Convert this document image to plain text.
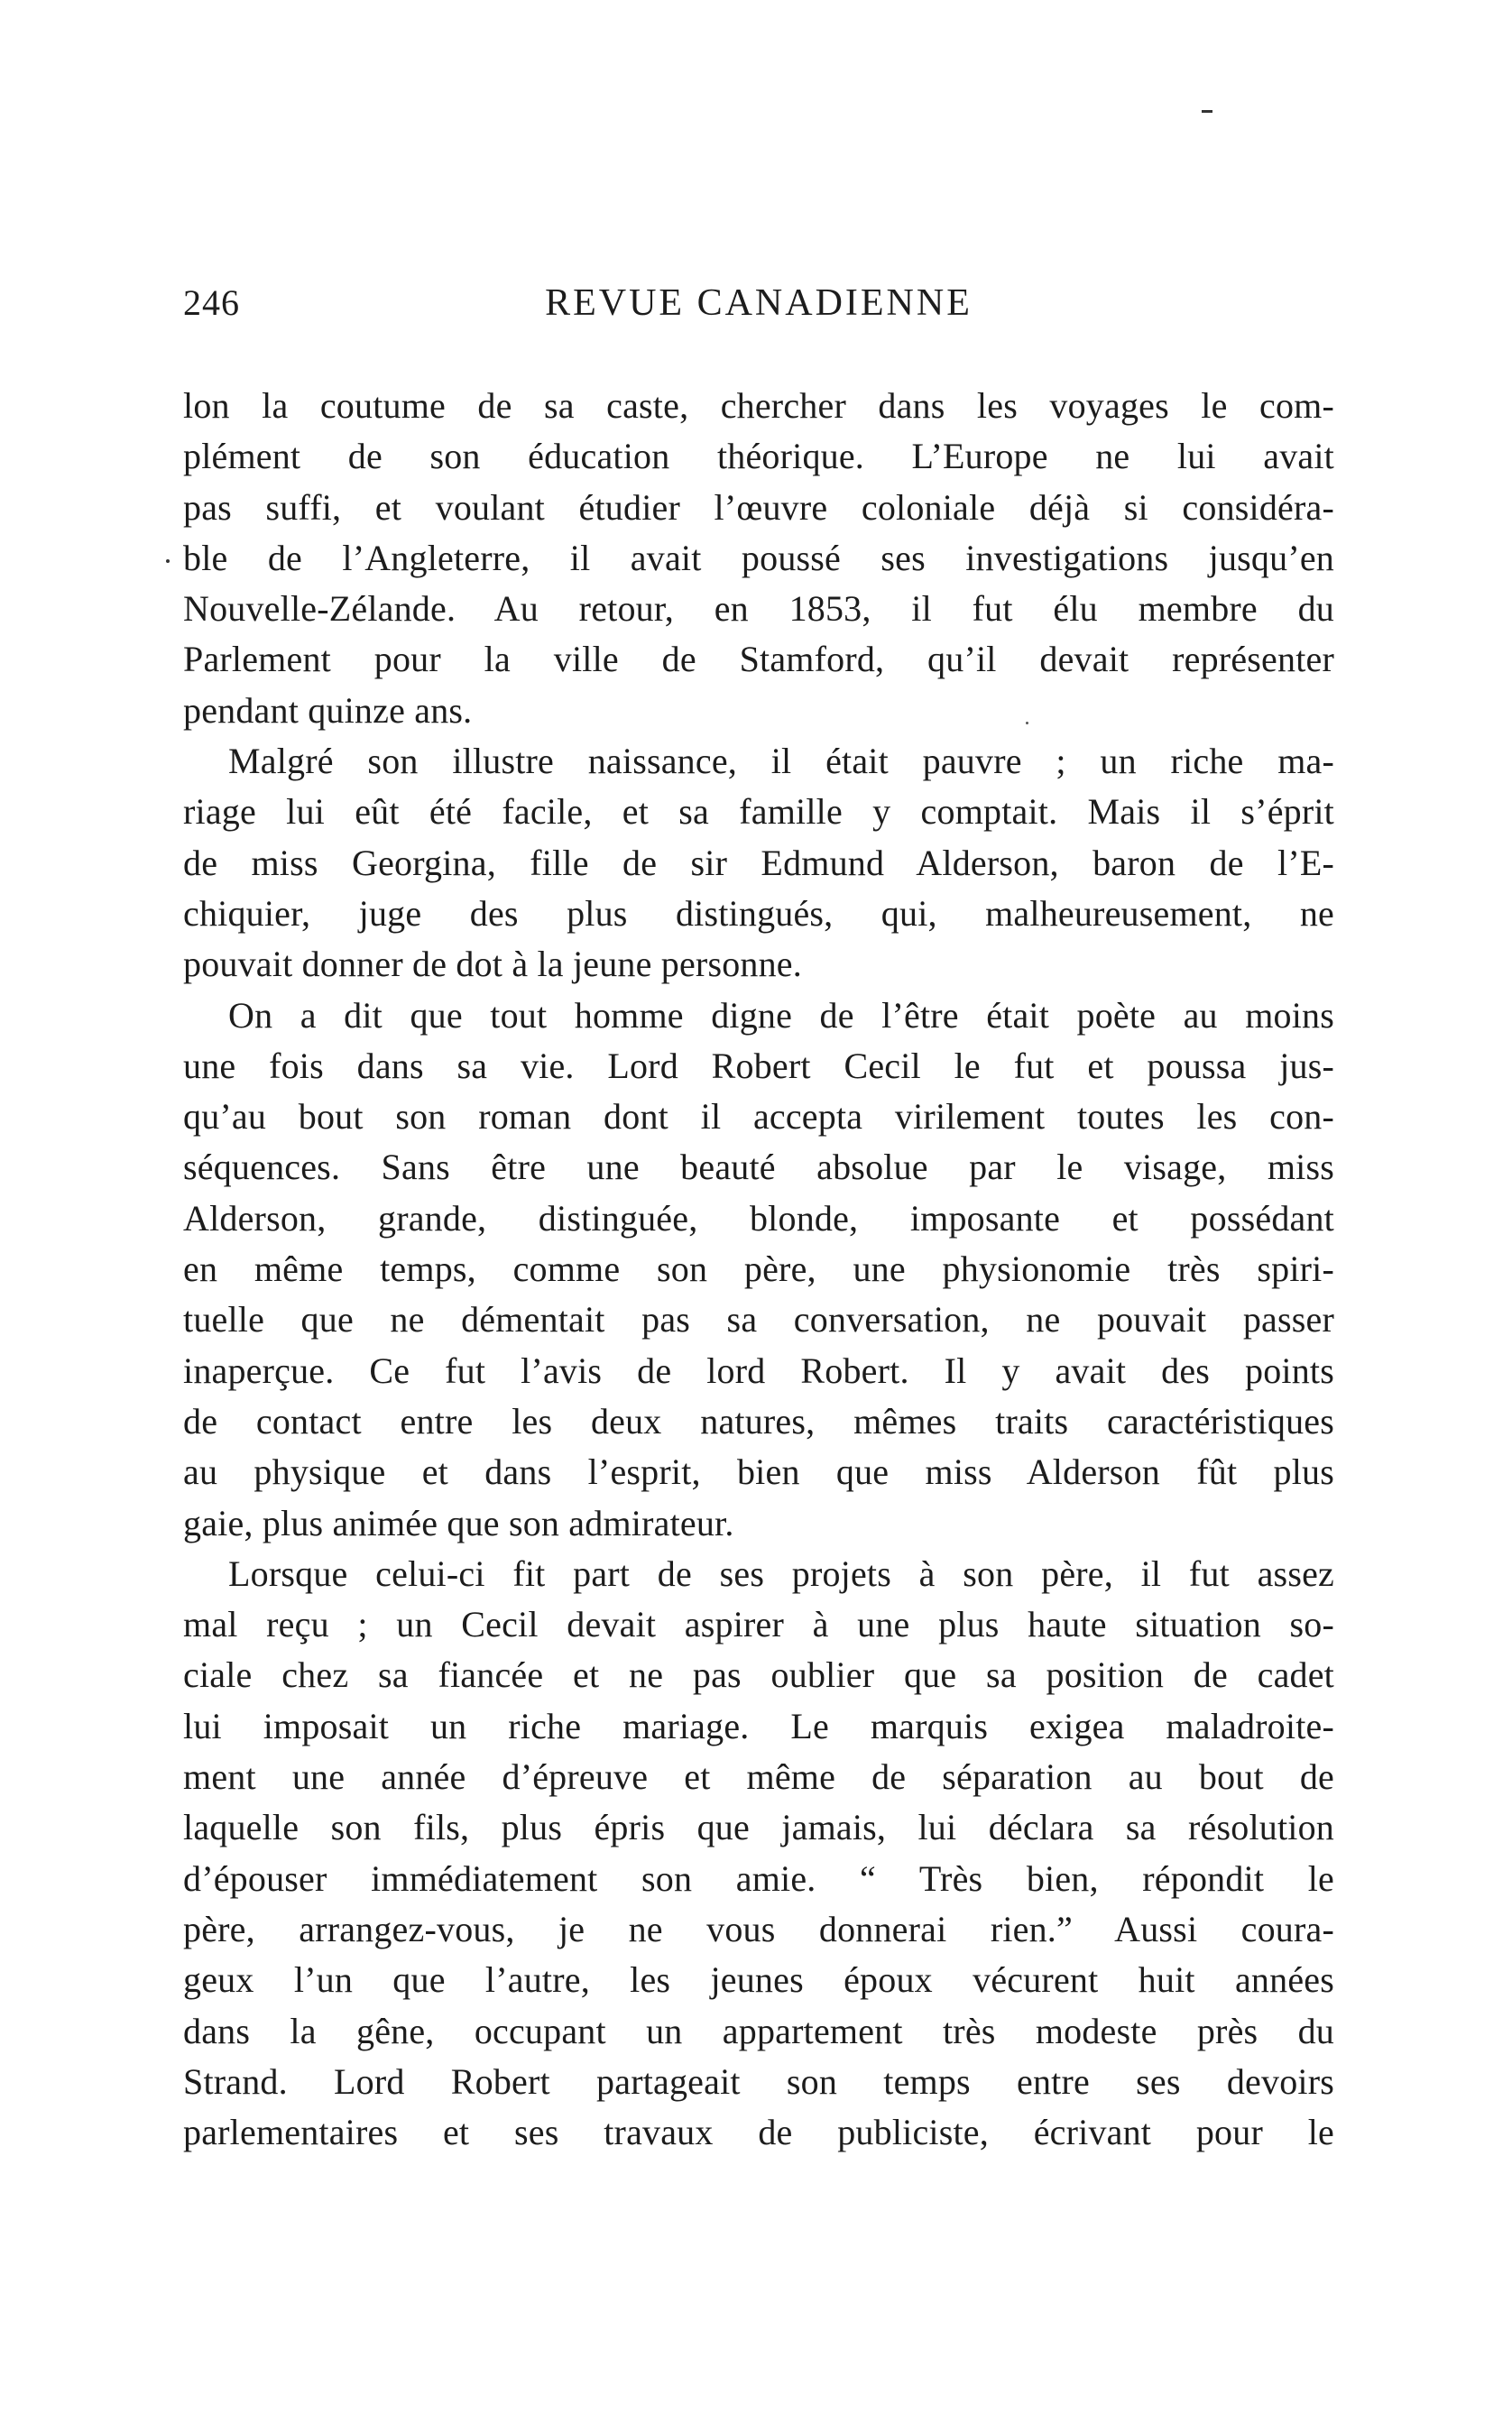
246	REVUE CANADIENNE
lon la coutume de sa caste, chercher dans les voyages le com-
plément de son éducation théorique. L’Europe ne lui avait
pas suffi, et voulant étudier l’œuvre coloniale déjà si considéra-
ble de l’Angleterre, il avait poussé ses investigations jusqu’en
Nouvelle-Zélande. Au retour, en 1853, il fut élu membre du
Parlement pour la ville de Stamford, qu’il devait représenter
pendant quinze ans.
Malgré son illustre naissance, il était pauvre ; un riche ma-
riage lui eût été facile, et sa famille y comptait. Mais il s’éprit
de miss Georgina, fille de sir Edmund Alderson, baron de l’E-
chiquier, juge des plus distingués, qui, malheureusement, ne
pouvait donner de dot à la jeune personne.
On a dit que tout homme digne de l’être était poète au moins
une fois dans sa vie. Lord Robert Cecil le fut et poussa jus-
qu’au bout son roman dont il accepta virilement toutes les con-
séquences. Sans être une beauté absolue par le visage, miss
Alderson, grande, distinguée, blonde, imposante et possédant
en même temps, comme son père, une physionomie très spiri-
tuelle que ne démentait pas sa conversation, ne pouvait passer
inaperçue. Ce fut l’avis de lord Robert. Il y avait des points
de contact entre les deux natures, mêmes traits caractéristiques
au physique et dans l’esprit, bien que miss Alderson fût plus
gaie, plus animée que son admirateur.
Lorsque celui-ci fit part de ses projets à son père, il fut assez
mal reçu ; un Cecil devait aspirer à une plus haute situation so-
ciale chez sa fiancée et ne pas oublier que sa position de cadet
lui imposait un riche mariage. Le marquis exigea maladroite-
ment une année d’épreuve et même de séparation au bout de
laquelle son fils, plus épris que jamais, lui déclara sa résolution
d’épouser immédiatement son amie. “ Très bien, répondit le
père, arrangez-vous, je ne vous donnerai rien.” Aussi coura-
geux l’un que l’autre, les jeunes époux vécurent huit années
dans la gêne, occupant un appartement très modeste près du
Strand. Lord Robert partageait son temps entre ses devoirs
parlementaires et ses travaux de publiciste, écrivant pour le
